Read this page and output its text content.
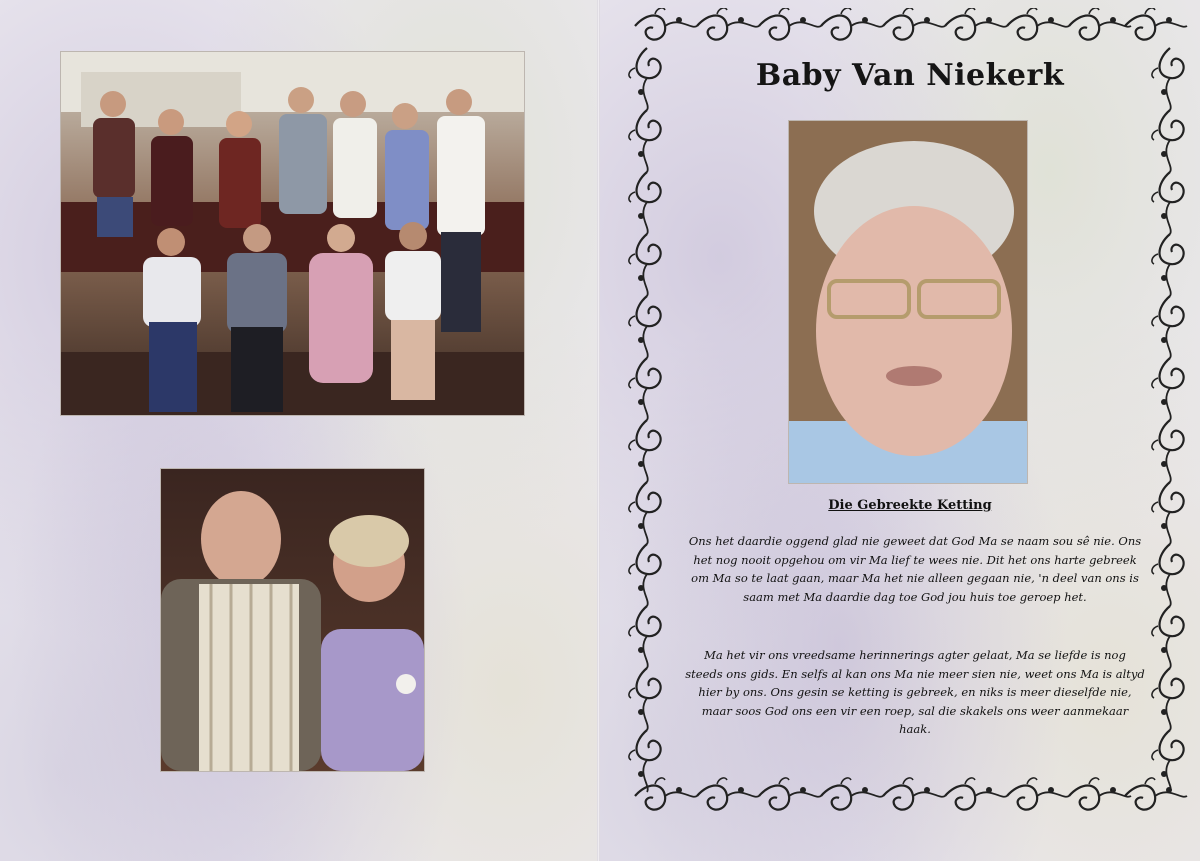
Baby Van Niekerk
Die Gebreekte Ketting

Ons het daardie oggend glad nie geweet dat God Ma se naam sou sê nie. Ons het nog nooit opgehou om vir Ma lief te wees nie. Dit het ons harte gebreek om Ma so te laat gaan, maar Ma het nie alleen gegaan nie, 'n deel van ons is saam met Ma daardie dag toe God jou huis toe geroep het.

Ma het vir ons vreedsame herinnerings agter gelaat, Ma se liefde is nog steeds ons gids. En selfs al kan ons Ma nie meer sien nie, weet ons Ma is altyd hier by ons. Ons gesin se ketting is gebreek, en niks is meer dieselfde nie, maar soos God ons een vir een roep, sal die skakels ons weer aanmekaar haak.
